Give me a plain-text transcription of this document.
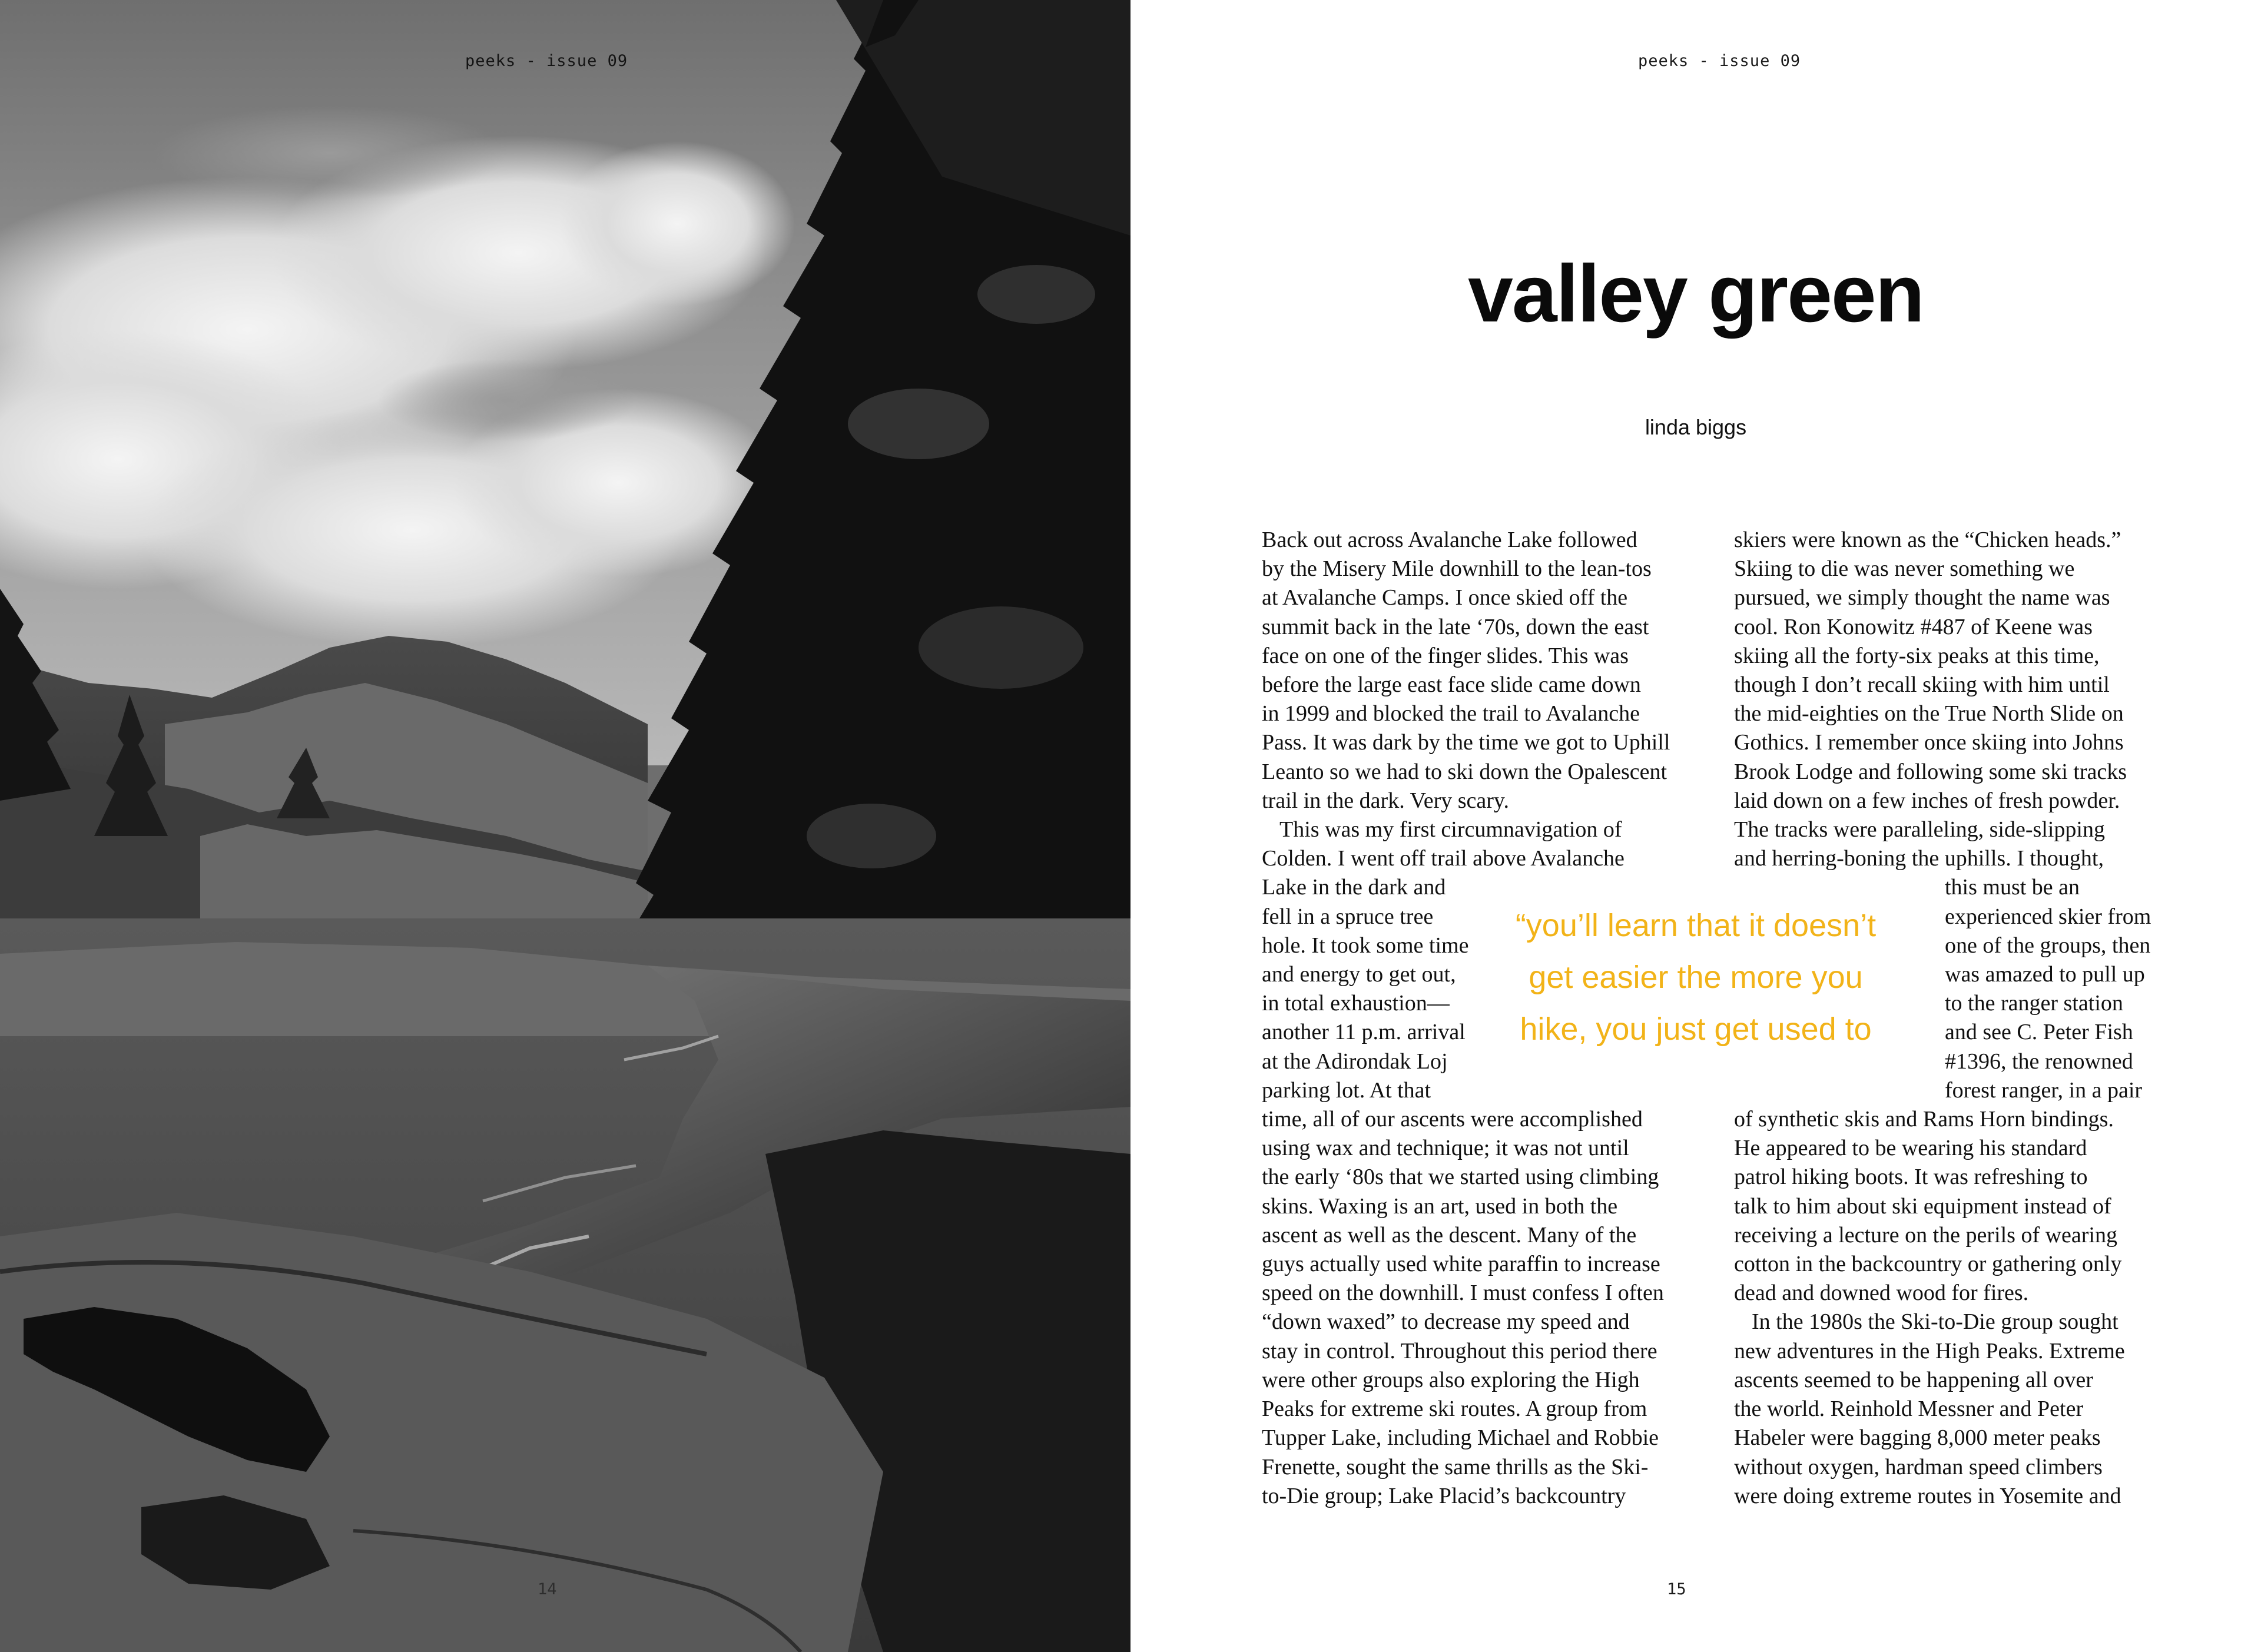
peeks - issue 09
14
peeks - issue 09
valley green
linda biggs
Back out across Avalanche Lake followed
by the Misery Mile downhill to the lean-tos
at Avalanche Camps. I once skied off the
summit back in the late ‘70s, down the east
face on one of the finger slides. This was
before the large east face slide came down
in 1999 and blocked the trail to Avalanche
Pass. It was dark by the time we got to Uphill
Leanto so we had to ski down the Opalescent
trail in the dark. Very scary.
This was my first circumnavigation of
Colden. I went off trail above Avalanche
Lake in the dark and
fell in a spruce tree
hole. It took some time
and energy to get out,
in total exhaustion—
another 11 p.m. arrival
at the Adirondak Loj
parking lot. At that
time, all of our ascents were accomplished
using wax and technique; it was not until
the early ‘80s that we started using climbing
skins. Waxing is an art, used in both the
ascent as well as the descent. Many of the
guys actually used white paraffin to increase
speed on the downhill. I must confess I often
“down waxed” to decrease my speed and
stay in control. Throughout this period there
were other groups also exploring the High
Peaks for extreme ski routes. A group from
Tupper Lake, including Michael and Robbie
Frenette, sought the same thrills as the Ski-
to-Die group; Lake Placid’s backcountry
skiers were known as the “Chicken heads.”
Skiing to die was never something we
pursued, we simply thought the name was
cool. Ron Konowitz #487 of Keene was
skiing all the forty-six peaks at this time,
though I don’t recall skiing with him until
the mid-eighties on the True North Slide on
Gothics. I remember once skiing into Johns
Brook Lodge and following some ski tracks
laid down on a few inches of fresh powder.
The tracks were paralleling, side-slipping
and herring-boning the uphills. I thought,
this must be an
experienced skier from
one of the groups, then
was amazed to pull up
to the ranger station
and see C. Peter Fish
#1396, the renowned
forest ranger, in a pair
of synthetic skis and Rams Horn bindings.
He appeared to be wearing his standard
patrol hiking boots. It was refreshing to
talk to him about ski equipment instead of
receiving a lecture on the perils of wearing
cotton in the backcountry or gathering only
dead and downed wood for fires.
In the 1980s the Ski-to-Die group sought
new adventures in the High Peaks. Extreme
ascents seemed to be happening all over
the world. Reinhold Messner and Peter
Habeler were bagging 8,000 meter peaks
without oxygen, hardman speed climbers
were doing extreme routes in Yosemite and
“you’ll learn that it doesn’t
get easier the more you
hike, you just get used to
15
